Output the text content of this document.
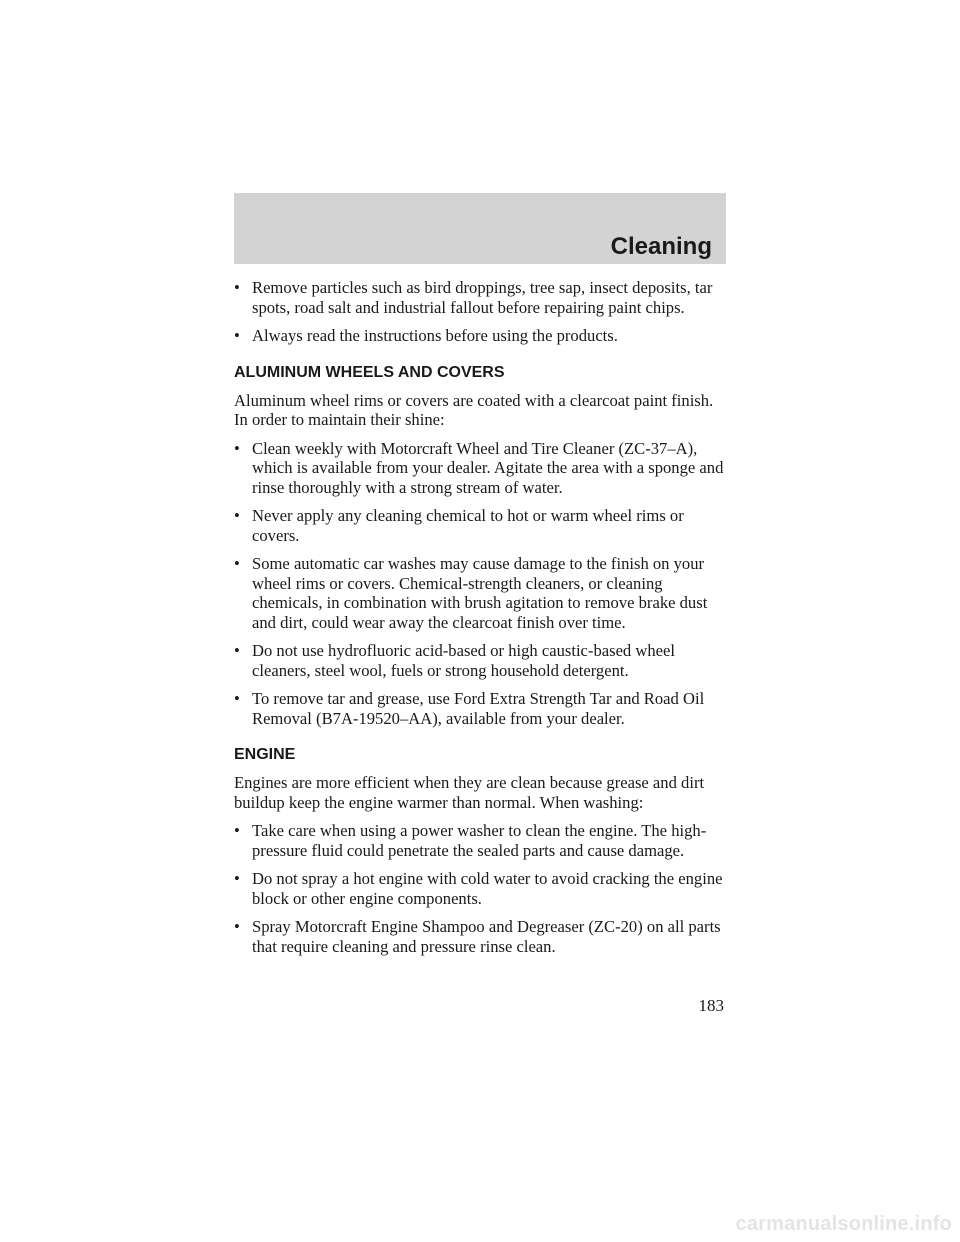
Cleaning
• Remove particles such as bird droppings, tree sap, insect deposits, tar spots, road salt and industrial fallout before repairing paint chips.
• Always read the instructions before using the products.
ALUMINUM WHEELS AND COVERS
Aluminum wheel rims or covers are coated with a clearcoat paint finish. In order to maintain their shine:
• Clean weekly with Motorcraft Wheel and Tire Cleaner (ZC-37–A), which is available from your dealer. Agitate the area with a sponge and rinse thoroughly with a strong stream of water.
• Never apply any cleaning chemical to hot or warm wheel rims or covers.
• Some automatic car washes may cause damage to the finish on your wheel rims or covers. Chemical-strength cleaners, or cleaning chemicals, in combination with brush agitation to remove brake dust and dirt, could wear away the clearcoat finish over time.
• Do not use hydrofluoric acid-based or high caustic-based wheel cleaners, steel wool, fuels or strong household detergent.
• To remove tar and grease, use Ford Extra Strength Tar and Road Oil Removal (B7A-19520–AA), available from your dealer.
ENGINE
Engines are more efficient when they are clean because grease and dirt buildup keep the engine warmer than normal. When washing:
• Take care when using a power washer to clean the engine. The high-pressure fluid could penetrate the sealed parts and cause damage.
• Do not spray a hot engine with cold water to avoid cracking the engine block or other engine components.
• Spray Motorcraft Engine Shampoo and Degreaser (ZC-20) on all parts that require cleaning and pressure rinse clean.
183
carmanualsonline.info
